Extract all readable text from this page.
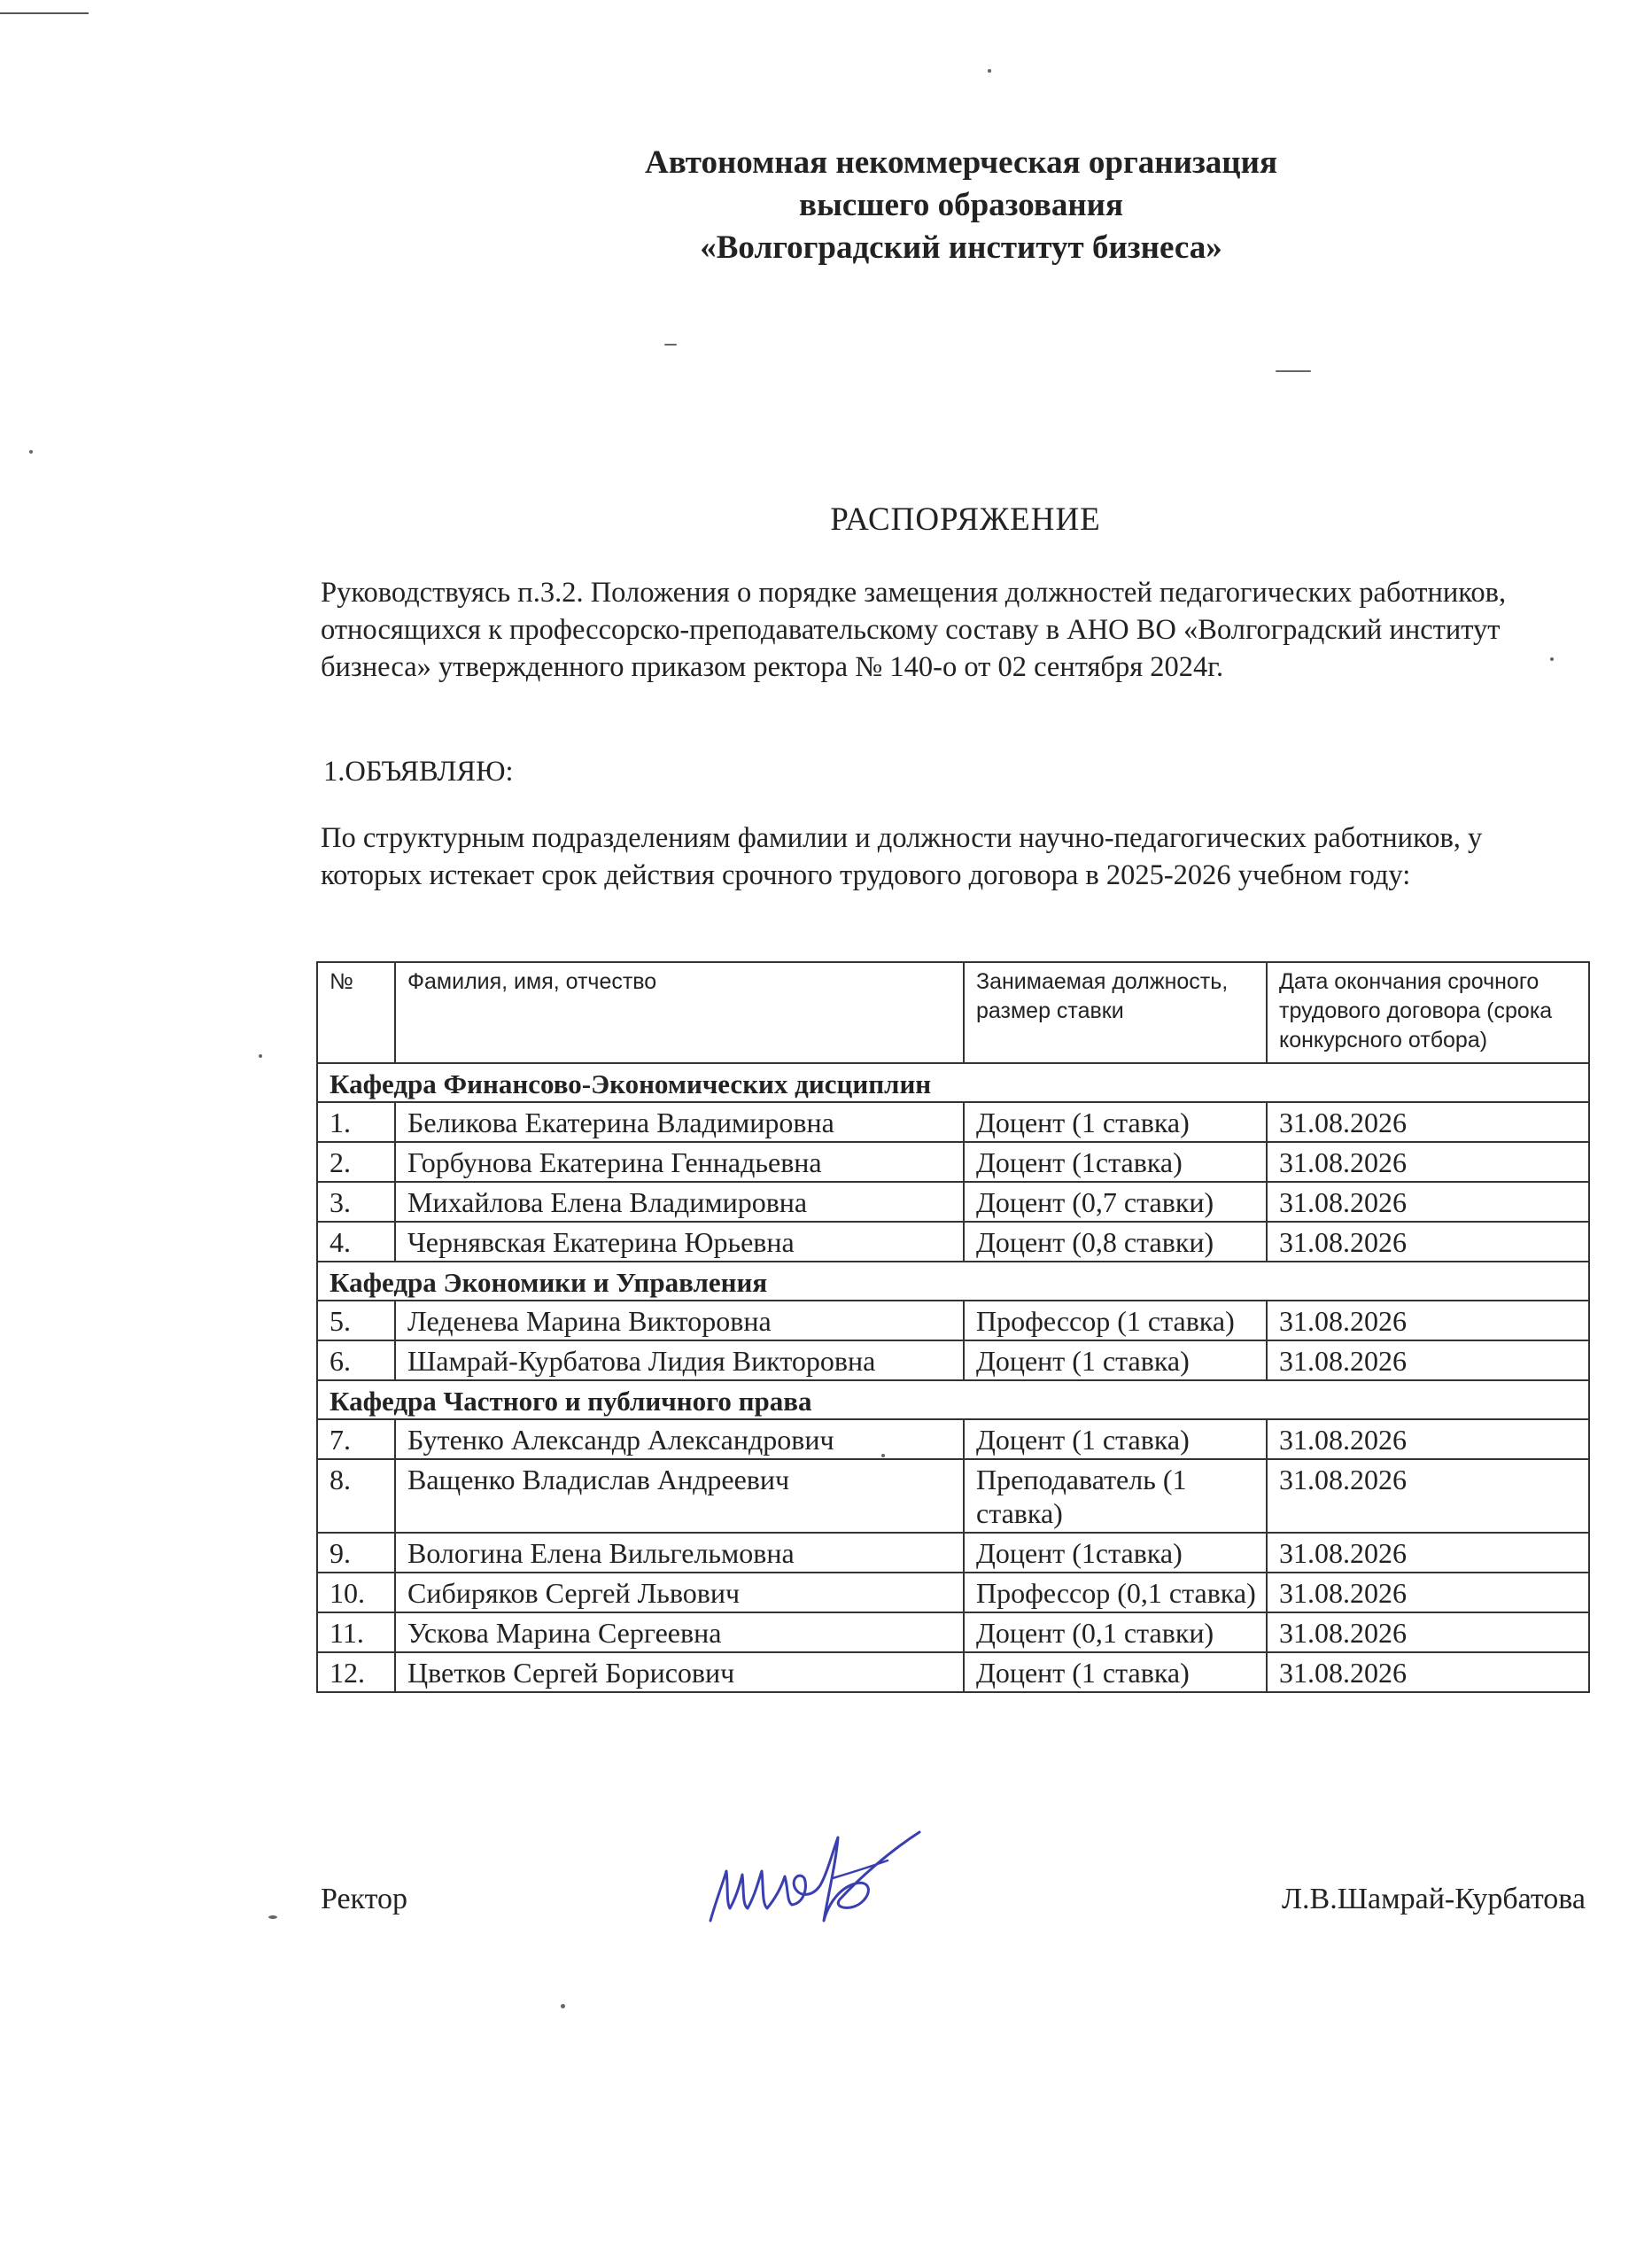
Автономная некоммерческая организация
высшего образования
«Волгоградский институт бизнеса»
РАСПОРЯЖЕНИЕ
Руководствуясь п.3.2. Положения о порядке замещения должностей педагогических работников, относящихся к профессорско-преподавательскому составу в АНО ВО «Волгоградский институт бизнеса» утвержденного приказом ректора № 140-о от 02 сентября 2024г.
1.ОБЪЯВЛЯЮ:
По структурным подразделениям фамилии и должности научно-педагогических работников, у которых истекает срок действия срочного трудового договора в 2025-2026 учебном году:
№	Фамилия, имя, отчество	Занимаемая должность, размер ставки	Дата окончания срочного трудового договора (срока конкурсного отбора)
Кафедра Финансово-Экономических дисциплин			
1.	Беликова Екатерина Владимировна	Доцент (1 ставка)	31.08.2026
2.	Горбунова Екатерина Геннадьевна	Доцент (1ставка)	31.08.2026
3.	Михайлова Елена Владимировна	Доцент (0,7 ставки)	31.08.2026
4.	Чернявская Екатерина Юрьевна	Доцент (0,8 ставки)	31.08.2026
Кафедра Экономики и Управления			
5.	Леденева Марина Викторовна	Профессор (1 ставка)	31.08.2026
6.	Шамрай-Курбатова Лидия Викторовна	Доцент (1 ставка)	31.08.2026
Кафедра Частного и публичного права			
7.	Бутенко Александр Александрович	Доцент (1 ставка)	31.08.2026
8.	Ващенко Владислав Андреевич	Преподаватель (1 ставка)	31.08.2026
9.	Вологина Елена Вильгельмовна	Доцент (1ставка)	31.08.2026
10.	Сибиряков Сергей Львович	Профессор (0,1 ставка)	31.08.2026
11.	Ускова Марина Сергеевна	Доцент (0,1 ставки)	31.08.2026
12.	Цветков Сергей Борисович	Доцент (1 ставка)	31.08.2026
Ректор	Л.В.Шамрай-Курбатова
